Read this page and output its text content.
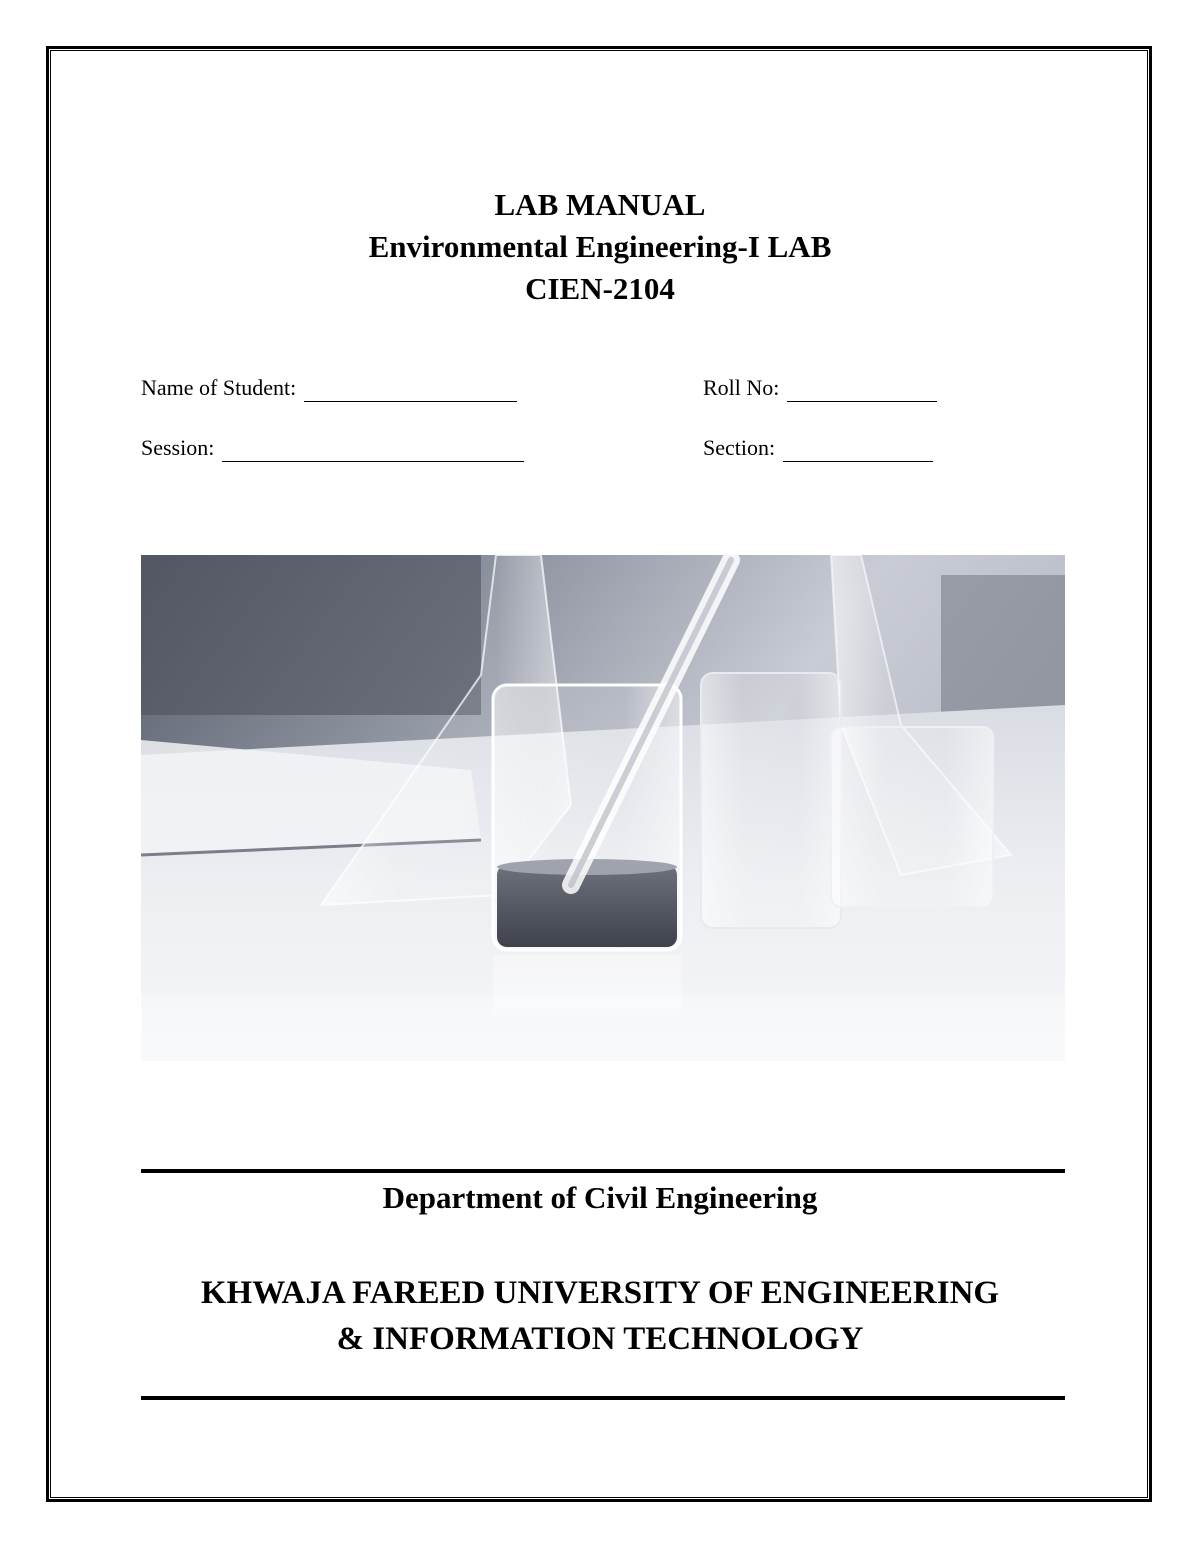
LAB MANUAL
Environmental Engineering-I LAB
CIEN-2104
Name of Student:	Roll No:
Session:	Section:
Department of Civil Engineering
KHWAJA FAREED UNIVERSITY OF ENGINEERING
& INFORMATION TECHNOLOGY
